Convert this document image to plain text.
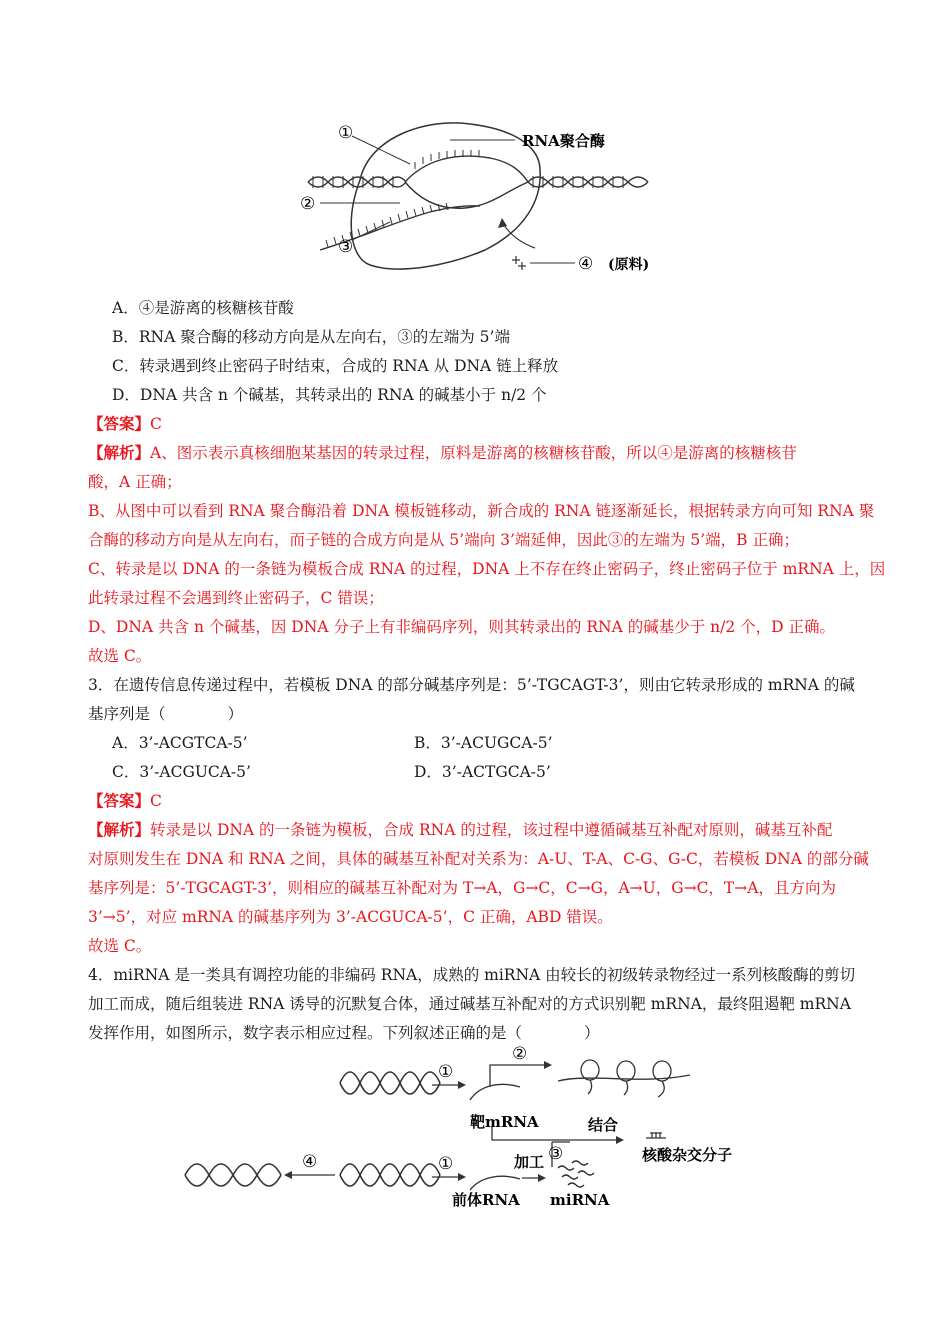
①	RNA聚合酶
②
③
④ (原料)
A．④是游离的核糖核苷酸
B．RNA 聚合酶的移动方向是从左向右，③的左端为 5’端
C．转录遇到终止密码子时结束，合成的 RNA 从 DNA 链上释放
D．DNA 共含 n 个碱基，其转录出的 RNA 的碱基小于 n/2 个
【答案】C
【解析】A、图示表示真核细胞某基因的转录过程，原料是游离的核糖核苷酸，所以④是游离的核糖核苷
酸，A 正确；
B、从图中可以看到 RNA 聚合酶沿着 DNA 模板链移动，新合成的 RNA 链逐渐延长，根据转录方向可知 RNA 聚
合酶的移动方向是从左向右，而子链的合成方向是从 5’端向 3’端延伸，因此③的左端为 5’端，B 正确；
C、转录是以 DNA 的一条链为模板合成 RNA 的过程，DNA 上不存在终止密码子，终止密码子位于 mRNA 上，因
此转录过程不会遇到终止密码子，C 错误；
D、DNA 共含 n 个碱基，因 DNA 分子上有非编码序列，则其转录出的 RNA 的碱基少于 n/2 个，D 正确。
故选 C。
3．在遗传信息传递过程中，若模板 DNA 的部分碱基序列是：5’-TGCAGT-3’，则由它转录形成的 mRNA 的碱
基序列是（　　　　）
A．3’-ACGTCA-5’	B．3’-ACUGCA-5’
C．3’-ACGUCA-5’	D．3’-ACTGCA-5’
【答案】C
【解析】转录是以 DNA 的一条链为模板，合成 RNA 的过程，该过程中遵循碱基互补配对原则，碱基互补配
对原则发生在 DNA 和 RNA 之间，具体的碱基互补配对关系为：A-U、T-A、C-G、G-C，若模板 DNA 的部分碱
基序列是：5’-TGCAGT-3’，则相应的碱基互补配对为 T→A，G→C，C→G，A→U，G→C，T→A，且方向为
3’→5’，对应 mRNA 的碱基序列为 3’-ACGUCA-5’，C 正确，ABD 错误。
故选 C。
4．miRNA 是一类具有调控功能的非编码 RNA，成熟的 miRNA 由较长的初级转录物经过一系列核酸酶的剪切
加工而成，随后组装进 RNA 诱导的沉默复合体，通过碱基互补配对的方式识别靶 mRNA，最终阻遏靶 mRNA
发挥作用，如图所示，数字表示相应过程。下列叙述正确的是（　　　　）
①
靶mRNA
②
结合
核酸杂交分子
③
④	①
前体RNA
加工
miRNA
